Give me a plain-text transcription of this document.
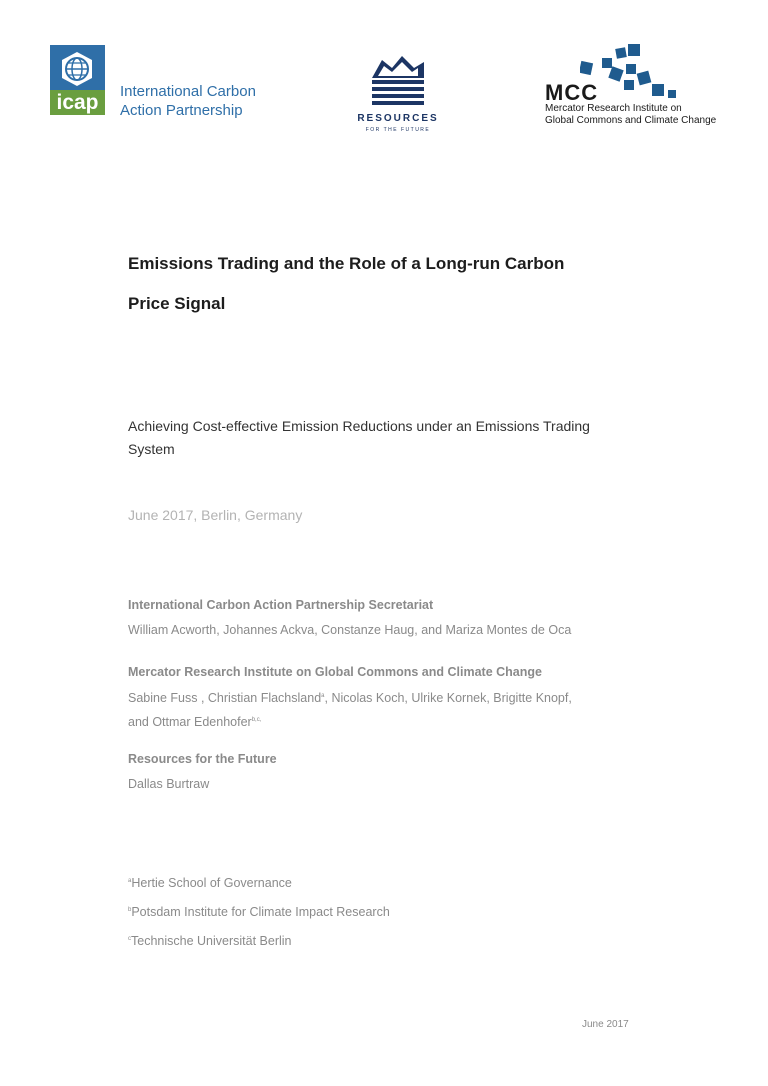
icap	International Carbon
Action Partnership	RESOURCES
FOR THE FUTURE
MCC
Mercator Research Institute on
Global Commons and Climate Change
Emissions Trading and the Role of a Long-run Carbon
Price Signal
Achieving Cost-effective Emission Reductions under an Emissions Trading
System
June 2017, Berlin, Germany
International Carbon Action Partnership Secretariat
William Acworth, Johannes Ackva, Constanze Haug, and Mariza Montes de Oca
Mercator Research Institute on Global Commons and Climate Change
Sabine Fuss , Christian Flachsland$^a$, Nicolas Koch, Ulrike Kornek, Brigitte Knopf,
and Ottmar Edenhofer$^{b,c,}$
Resources for the Future
Dallas Burtraw
$^a$Hertie School of Governance
$^b$Potsdam Institute for Climate Impact Research
$^c$Technische Universität Berlin
June 2017
